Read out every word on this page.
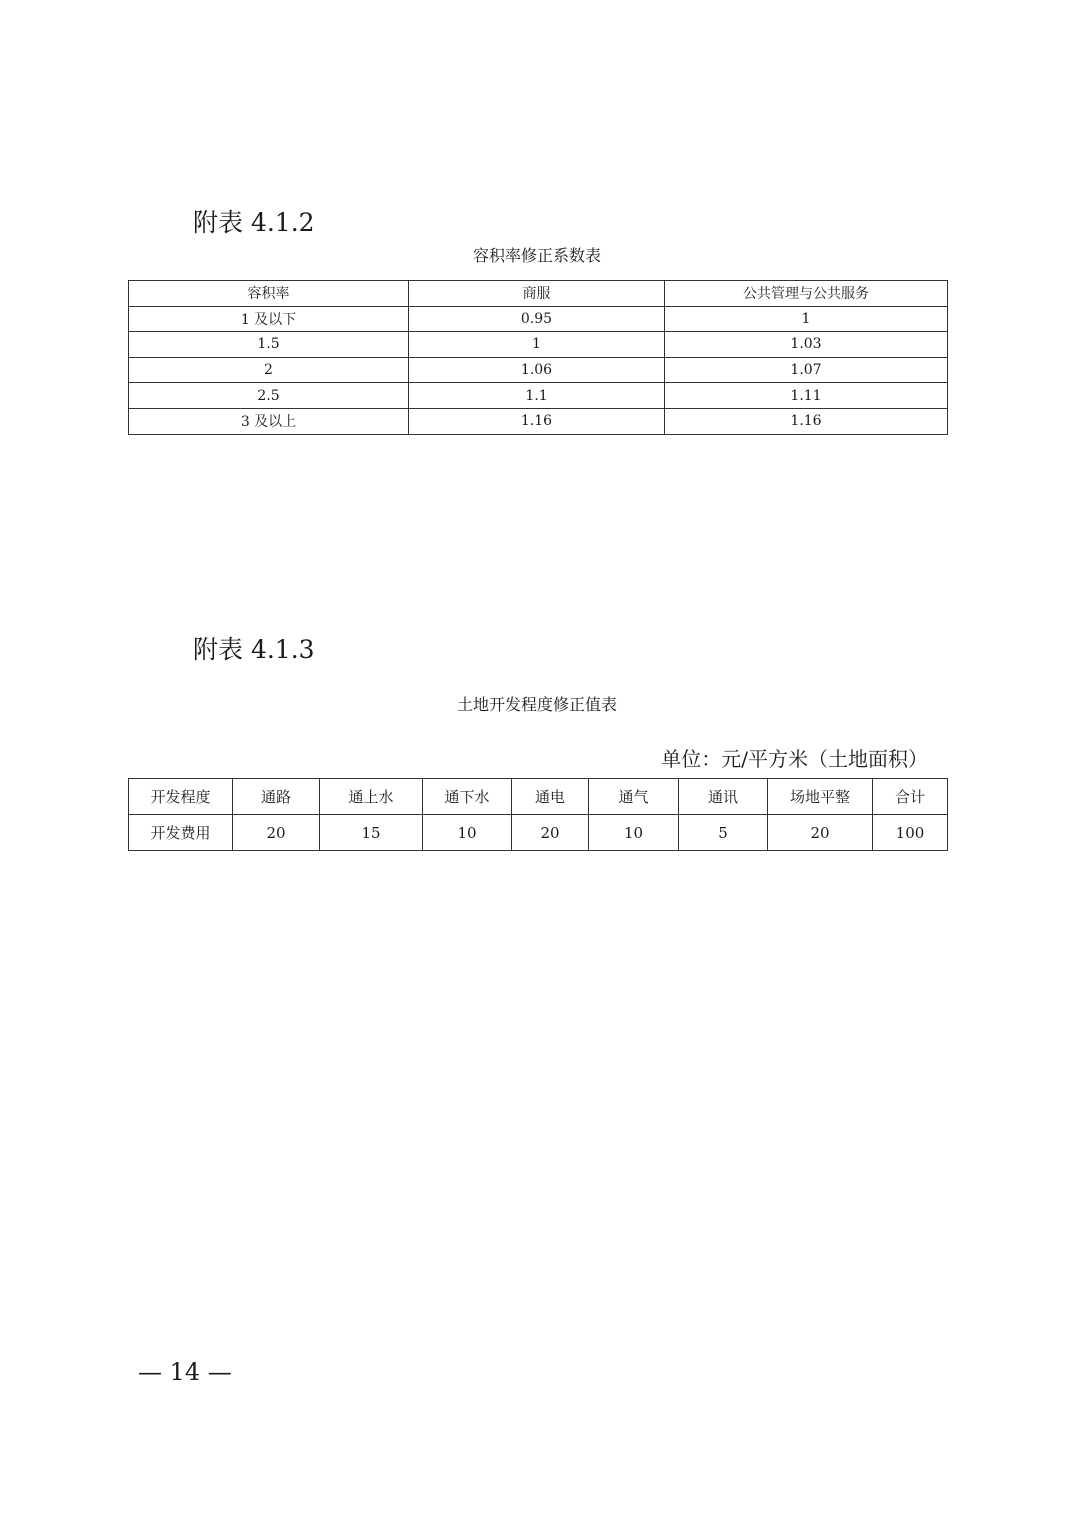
附表 4.1.2
容积率修正系数表
容积率	商服	公共管理与公共服务
1 及以下	0.95	1
1.5	1	1.03
2	1.06	1.07
2.5	1.1	1.11
3 及以上	1.16	1.16
附表 4.1.3
土地开发程度修正值表
单位：元/平方米（土地面积）
开发程度	通路	通上水	通下水	通电	通气	通讯	场地平整	合计
开发费用	20	15	10	20	10	5	20	100
— 14 —
